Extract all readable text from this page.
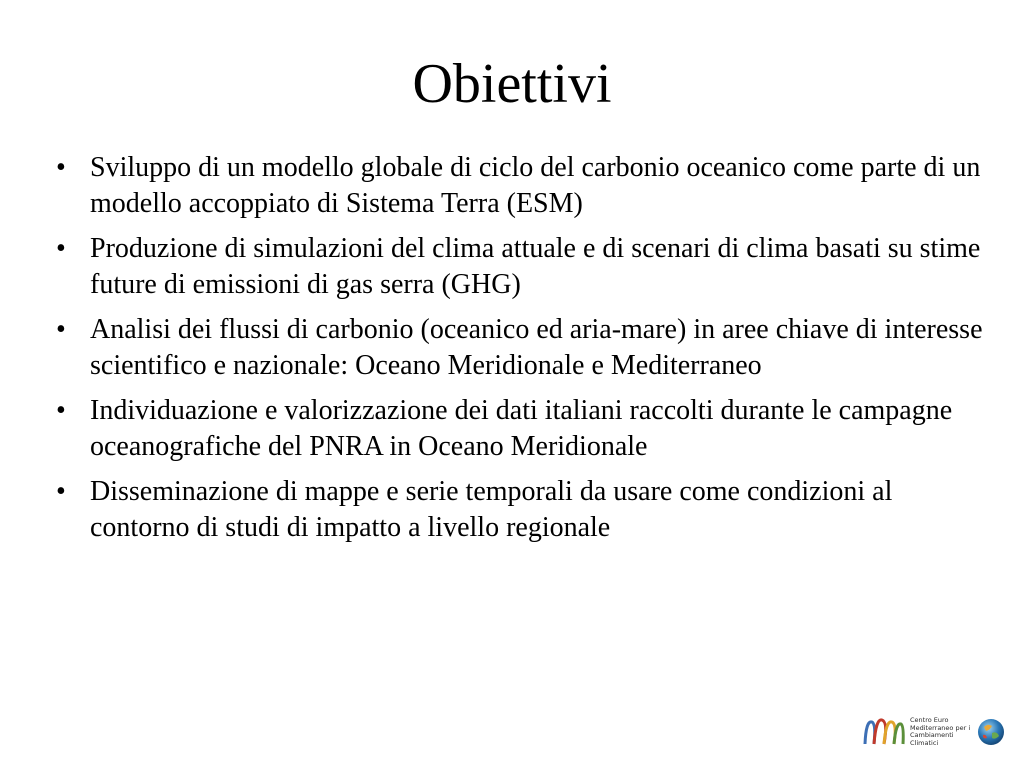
Obiettivi
• Sviluppo di un modello globale di ciclo del carbonio oceanico come parte di un modello accoppiato di Sistema Terra (ESM)
• Produzione di simulazioni del clima attuale e di scenari di clima basati su stime future di emissioni di gas serra (GHG)
• Analisi dei flussi di carbonio (oceanico ed aria-mare) in aree chiave di interesse scientifico e nazionale: Oceano Meridionale e Mediterraneo
• Individuazione e valorizzazione dei dati italiani raccolti durante le campagne oceanografiche del PNRA in Oceano Meridionale
• Disseminazione di mappe e serie temporali da usare come condizioni al contorno di studi di impatto a livello regionale
Centro Euro
Mediterraneo per i
Cambiamenti
Climatici
